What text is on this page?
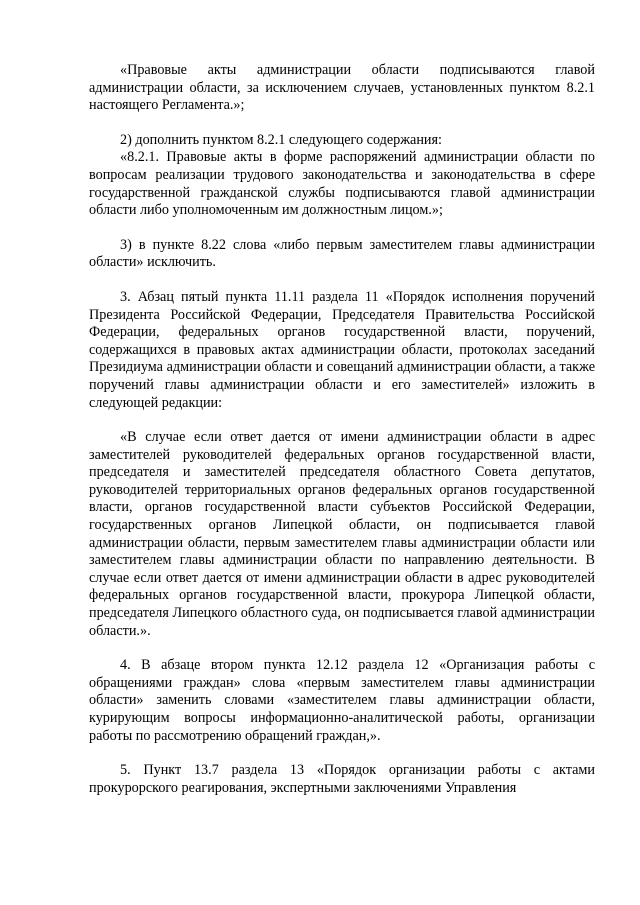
«Правовые акты администрации области подписываются главой администрации области, за исключением случаев, установленных пунктом 8.2.1 настоящего Регламента.»;

2) дополнить пунктом 8.2.1 следующего содержания:

«8.2.1. Правовые акты в форме распоряжений администрации области по вопросам реализации трудового законодательства и законодательства в сфере государственной гражданской службы подписываются главой администрации области либо уполномоченным им должностным лицом.»;

3) в пункте 8.22 слова «либо первым заместителем главы администрации области» исключить.

3. Абзац пятый пункта 11.11 раздела 11 «Порядок исполнения поручений Президента Российской Федерации, Председателя Правительства Российской Федерации, федеральных органов государственной власти, поручений, содержащихся в правовых актах администрации области, протоколах заседаний Президиума администрации области и совещаний администрации области, а также поручений главы администрации области и его заместителей» изложить в следующей редакции:

«В случае если ответ дается от имени администрации области в адрес заместителей руководителей федеральных органов государственной власти, председателя и заместителей председателя областного Совета депутатов, руководителей территориальных органов федеральных органов государственной власти, органов государственной власти субъектов Российской Федерации, государственных органов Липецкой области, он подписывается главой администрации области, первым заместителем главы администрации области или заместителем главы администрации области по направлению деятельности. В случае если ответ дается от имени администрации области в адрес руководителей федеральных органов государственной власти, прокурора Липецкой области, председателя Липецкого областного суда, он подписывается главой администрации области.».

4. В абзаце втором пункта 12.12 раздела 12 «Организация работы с обращениями граждан» слова «первым заместителем главы администрации области» заменить словами «заместителем главы администрации области, курирующим вопросы информационно-аналитической работы, организации работы по рассмотрению обращений граждан,».

5. Пункт 13.7 раздела 13 «Порядок организации работы с актами прокурорского реагирования, экспертными заключениями Управления
